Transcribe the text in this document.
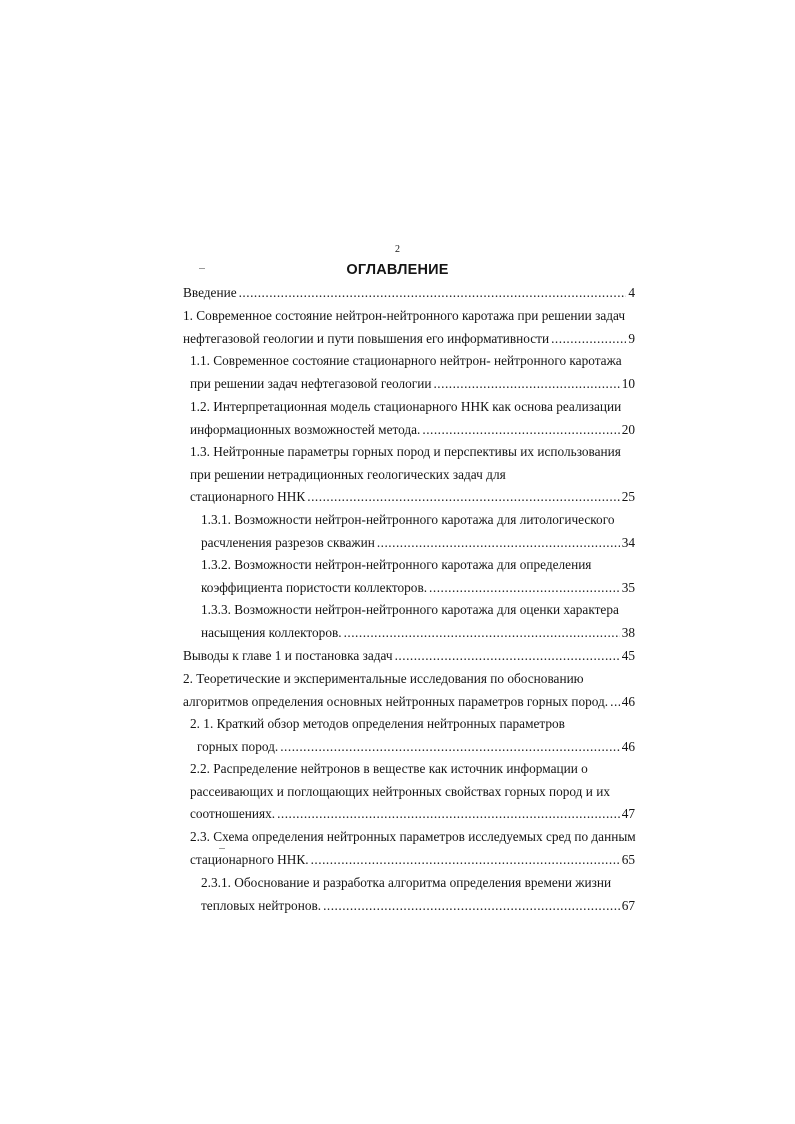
2
ОГЛАВЛЕНИЕ
Введение .....	4
1. Современное состояние нейтрон-нейтронного каротажа при решении задач
нефтегазовой геологии и пути повышения его информативности .....	9
1.1. Современное состояние стационарного нейтрон- нейтронного каротажа
при решении задач нефтегазовой геологии .....	10
1.2. Интерпретационная модель стационарного ННК как основа реализации
информационных возможностей метода. .....	20
1.3. Нейтронные параметры горных пород и перспективы их использования
при решении нетрадиционных геологических задач для
стационарного ННК .....	25
1.3.1. Возможности нейтрон-нейтронного каротажа для литологического
расчленения разрезов скважин .....	34
1.3.2. Возможности нейтрон-нейтронного каротажа для определения
коэффициента пористости коллекторов. .....	35
1.3.3. Возможности нейтрон-нейтронного каротажа для оценки характера
насыщения коллекторов. .....	38
Выводы к главе 1 и постановка задач .....	45
2. Теоретические и экспериментальные исследования по обоснованию
алгоритмов определения основных нейтронных параметров горных пород. ..... 46
2. 1. Краткий обзор методов определения нейтронных параметров
горных пород. .....	46
2.2. Распределение нейтронов в веществе как источник информации о
рассеивающих и поглощающих нейтронных свойствах горных пород и их
соотношениях. .....	47
2.3. Схема определения нейтронных параметров исследуемых сред по данным
стационарного ННК. .....	65
2.3.1. Обоснование и разработка алгоритма определения времени жизни
тепловых нейтронов. .....	67
